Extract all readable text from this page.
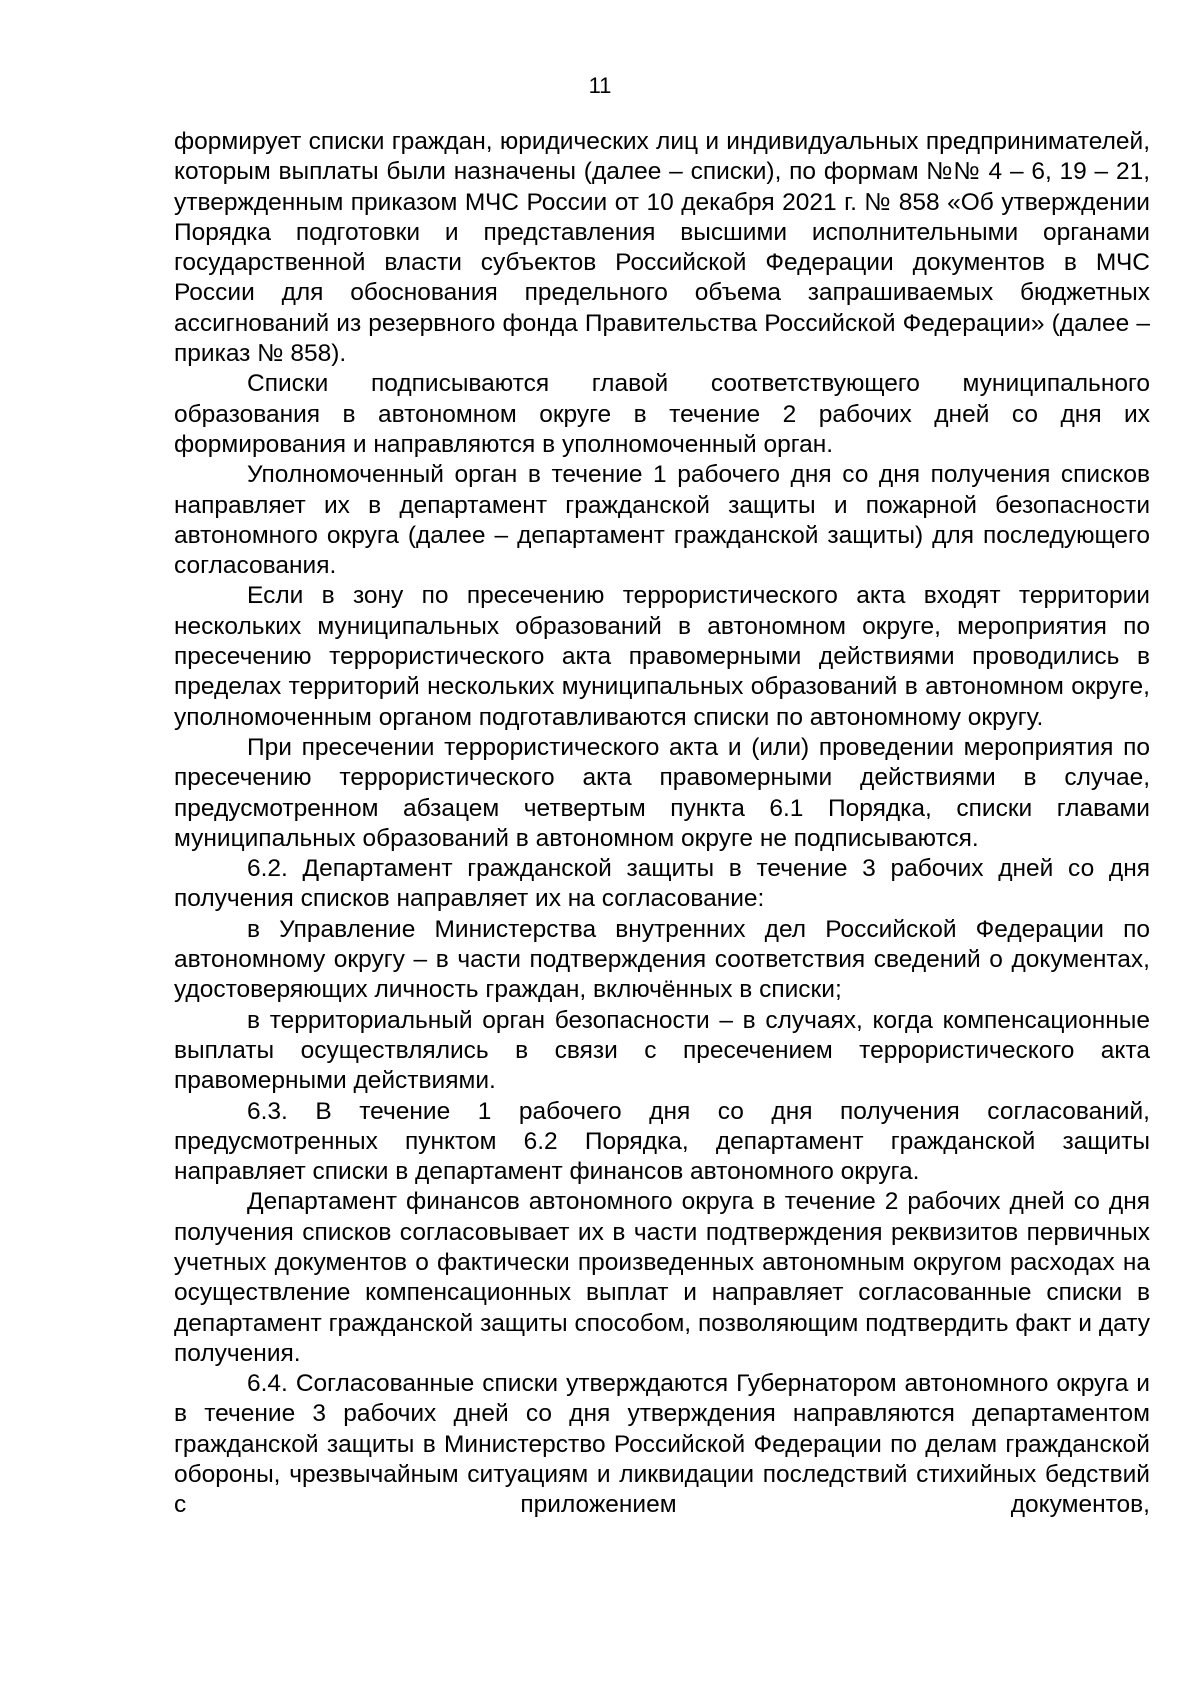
11

формирует списки граждан, юридических лиц и индивидуальных предпринимателей, которым выплаты были назначены (далее – списки), по формам №№ 4 – 6, 19 – 21, утвержденным приказом МЧС России от 10 декабря 2021 г. № 858 «Об утверждении Порядка подготовки и представления высшими исполнительными органами государственной власти субъектов Российской Федерации документов в МЧС России для обоснования предельного объема запрашиваемых бюджетных ассигнований из резервного фонда Правительства Российской Федерации» (далее – приказ № 858).

Списки подписываются главой соответствующего муниципального образования в автономном округе в течение 2 рабочих дней со дня их формирования и направляются в уполномоченный орган.

Уполномоченный орган в течение 1 рабочего дня со дня получения списков направляет их в департамент гражданской защиты и пожарной безопасности автономного округа (далее – департамент гражданской защиты) для последующего согласования.

Если в зону по пресечению террористического акта входят территории нескольких муниципальных образований в автономном округе, мероприятия по пресечению террористического акта правомерными действиями проводились в пределах территорий нескольких муниципальных образований в автономном округе, уполномоченным органом подготавливаются списки по автономному округу.

При пресечении террористического акта и (или) проведении мероприятия по пресечению террористического акта правомерными действиями в случае, предусмотренном абзацем четвертым пункта 6.1 Порядка, списки главами муниципальных образований в автономном округе не подписываются.

6.2. Департамент гражданской защиты в течение 3 рабочих дней со дня получения списков направляет их на согласование:

в Управление Министерства внутренних дел Российской Федерации по автономному округу – в части подтверждения соответствия сведений о документах, удостоверяющих личность граждан, включённых в списки;

в территориальный орган безопасности – в случаях, когда компенсационные выплаты осуществлялись в связи с пресечением террористического акта правомерными действиями.

6.3. В течение 1 рабочего дня со дня получения согласований, предусмотренных пунктом 6.2 Порядка, департамент гражданской защиты направляет списки в департамент финансов автономного округа.

Департамент финансов автономного округа в течение 2 рабочих дней со дня получения списков согласовывает их в части подтверждения реквизитов первичных учетных документов о фактически произведенных автономным округом расходах на осуществление компенсационных выплат и направляет согласованные списки в департамент гражданской защиты способом, позволяющим подтвердить факт и дату получения.

6.4. Согласованные списки утверждаются Губернатором автономного округа и в течение 3 рабочих дней со дня утверждения направляются департаментом гражданской защиты в Министерство Российской Федерации по делам гражданской обороны, чрезвычайным ситуациям и ликвидации последствий стихийных бедствий с приложением документов,
